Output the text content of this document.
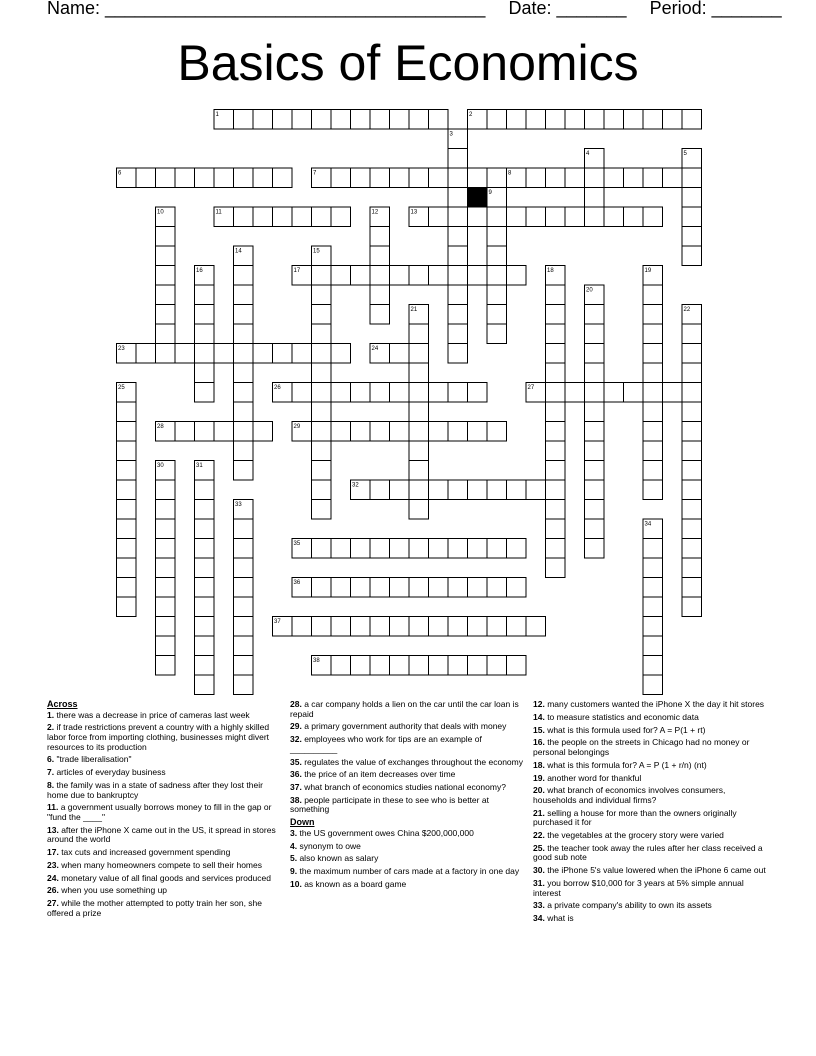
Name: ______________________________________ Date: _______ Period: _______
Basics of Economics
1	2
3
4	5
6	7	8
9
10	11	12	13
14	15
16	17	18	19
20
21	22
23	24
25	26	27
28	29
30	31
32
33
34
35
36
37
38
Across
1. there was a decrease in price of cameras last week
2. if trade restrictions prevent a country with a highly skilled labor force from importing clothing, businesses might divert resources to its production
6. "trade liberalisation"
7. articles of everyday business
8. the family was in a state of sadness after they lost their home due to bankruptcy
11. a government usually borrows money to fill in the gap or "fund the ____"
13. after the iPhone X came out in the US, it spread in stores around the world
17. tax cuts and increased government spending
23. when many homeowners compete to sell their homes
24. monetary value of all final goods and services produced
26. when you use something up
27. while the mother attempted to potty train her son, she offered a prize
28. a car company holds a lien on the car until the car loan is repaid
29. a primary government authority that deals with money
32. employees who work for tips are an example of __________
35. regulates the value of exchanges throughout the economy
36. the price of an item decreases over time
37. what branch of economics studies national economy?
38. people participate in these to see who is better at something
Down
3. the US government owes China $200,000,000
4. synonym to owe
5. also known as salary
9. the maximum number of cars made at a factory in one day
10. as known as a board game
12. many customers wanted the iPhone X the day it hit stores
14. to measure statistics and economic data
15. what is this formula used for? A = P(1 + rt)
16. the people on the streets in Chicago had no money or personal belongings
18. what is this formula for? A = P (1 + r/n) (nt)
19. another word for thankful
20. what branch of economics involves consumers, households and individual firms?
21. selling a house for more than the owners originally purchased it for
22. the vegetables at the grocery story were varied
25. the teacher took away the rules after her class received a good sub note
30. the iPhone 5's value lowered when the iPhone 6 came out
31. you borrow $10,000 for 3 years at 5% simple annual interest
33. a private company's ability to own its assets
34. what is
